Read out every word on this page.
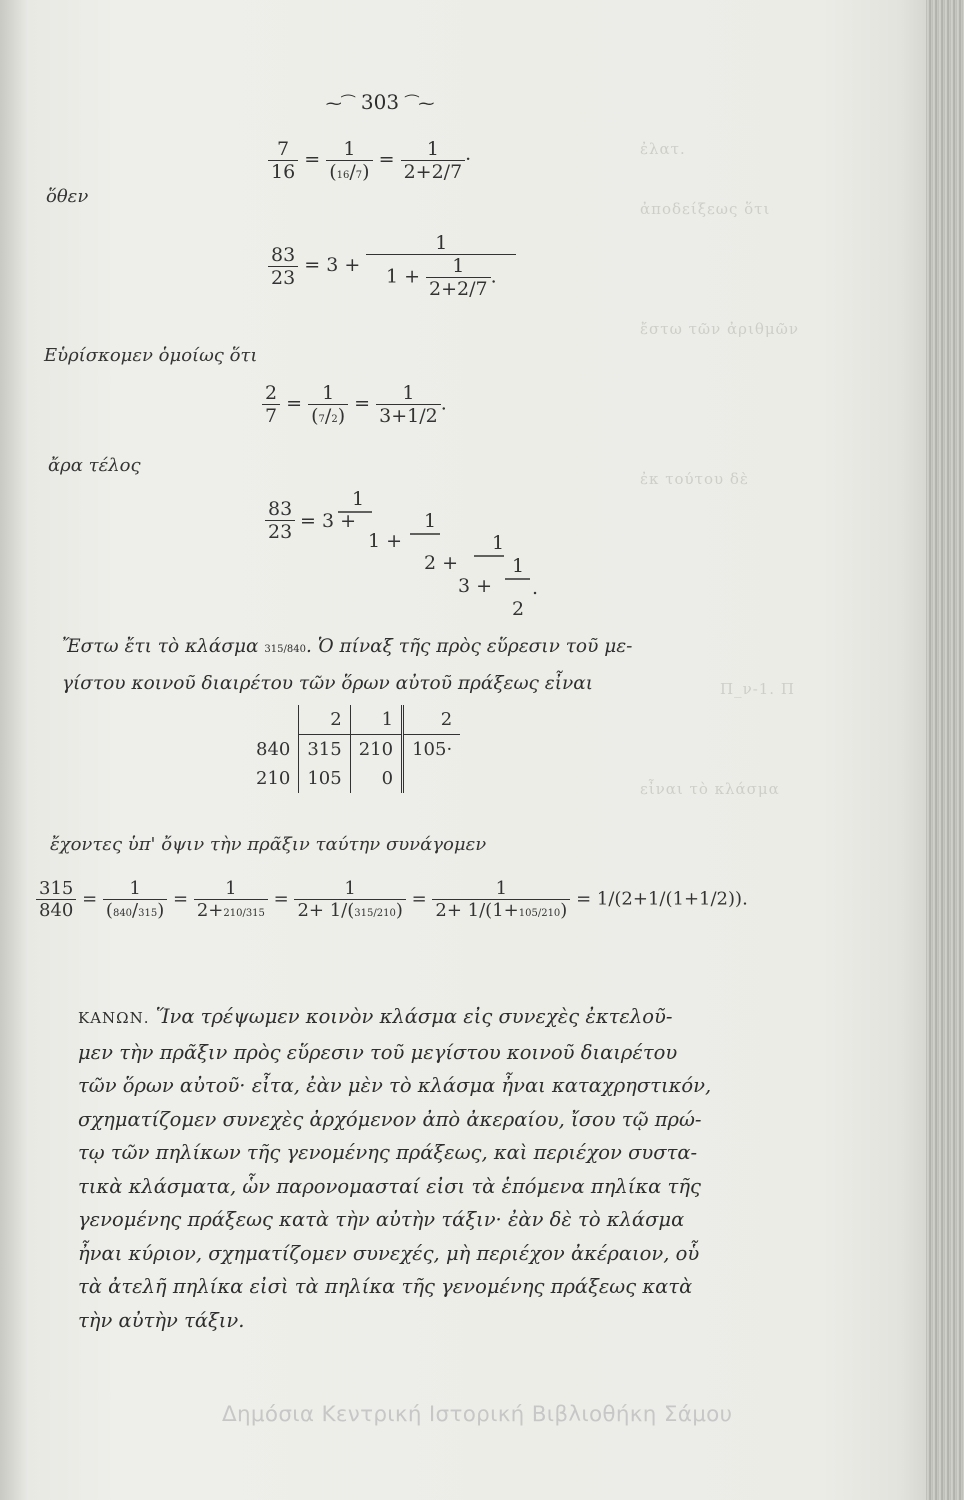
ἐλατ.
ἀποδείξεως ὅτι
ἔστω τῶν ἀριθμῶν
ἐκ τούτου δὲ
Π_ν-1. Π
εἶναι τὸ κλάσμα
⁓⁀ 303 ⁀⁓
$\frac{7}{16} = \frac{1}{(16/7)} = \frac{1}{2+2/7}$ ·
ὅθεν
$\frac{83}{23} = 3 + \frac{1}{1 + \frac{1}{2+2/7} .}$
Εὑρίσκομεν ὁμοίως ὅτι
$\frac{2}{7} = \frac{1}{(7/2)} = \frac{1}{3+1/2}$ .
ἄρα τέλος
$\frac{83}{23} = 3$ +
1
1 +
1
2 +
1
3 +
1
2
.
Ἔστω ἔτι τὸ κλάσμα 315/840. Ὁ πίναξ τῆς πρὸς εὕρεσιν τοῦ με-
γίστου κοινοῦ διαιρέτου τῶν ὅρων αὐτοῦ πράξεως εἶναι
	2	1	2
840	315	210	105·
210	105	0	
ἔχοντες ὑπ' ὄψιν τὴν πρᾶξιν ταύτην συνάγομεν
$\frac{315}{840} = \frac{1}{(840/315)} = \frac{1}{2+210/315} = \frac{1}{2+ 1/(315/210)} = \frac{1}{2+ 1/(1+105/210)} = 1/(2+1/(1+1/2))$.
ΚΑΝΩΝ. Ἵνα τρέψωμεν κοινὸν κλάσμα εἰς συνεχὲς ἐκτελοῦ-
μεν τὴν πρᾶξιν πρὸς εὕρεσιν τοῦ μεγίστου κοινοῦ διαιρέτου
τῶν ὅρων αὐτοῦ· εἶτα, ἐὰν μὲν τὸ κλάσμα ἦναι καταχρηστικόν,
σχηματίζομεν συνεχὲς ἀρχόμενον ἀπὸ ἀκεραίου, ἴσου τῷ πρώ-
τῳ τῶν πηλίκων τῆς γενομένης πράξεως, καὶ περιέχον συστα-
τικὰ κλάσματα, ὧν παρονομασταί εἰσι τὰ ἑπόμενα πηλίκα τῆς
γενομένης πράξεως κατὰ τὴν αὐτὴν τάξιν· ἐὰν δὲ τὸ κλάσμα
ἦναι κύριον, σχηματίζομεν συνεχές, μὴ περιέχον ἀκέραιον, οὗ
τὰ ἀτελῆ πηλίκα εἰσὶ τὰ πηλίκα τῆς γενομένης πράξεως κατὰ
τὴν αὐτὴν τάξιν.
Δημόσια Κεντρική Ιστορική Βιβλιοθήκη Σάμου
